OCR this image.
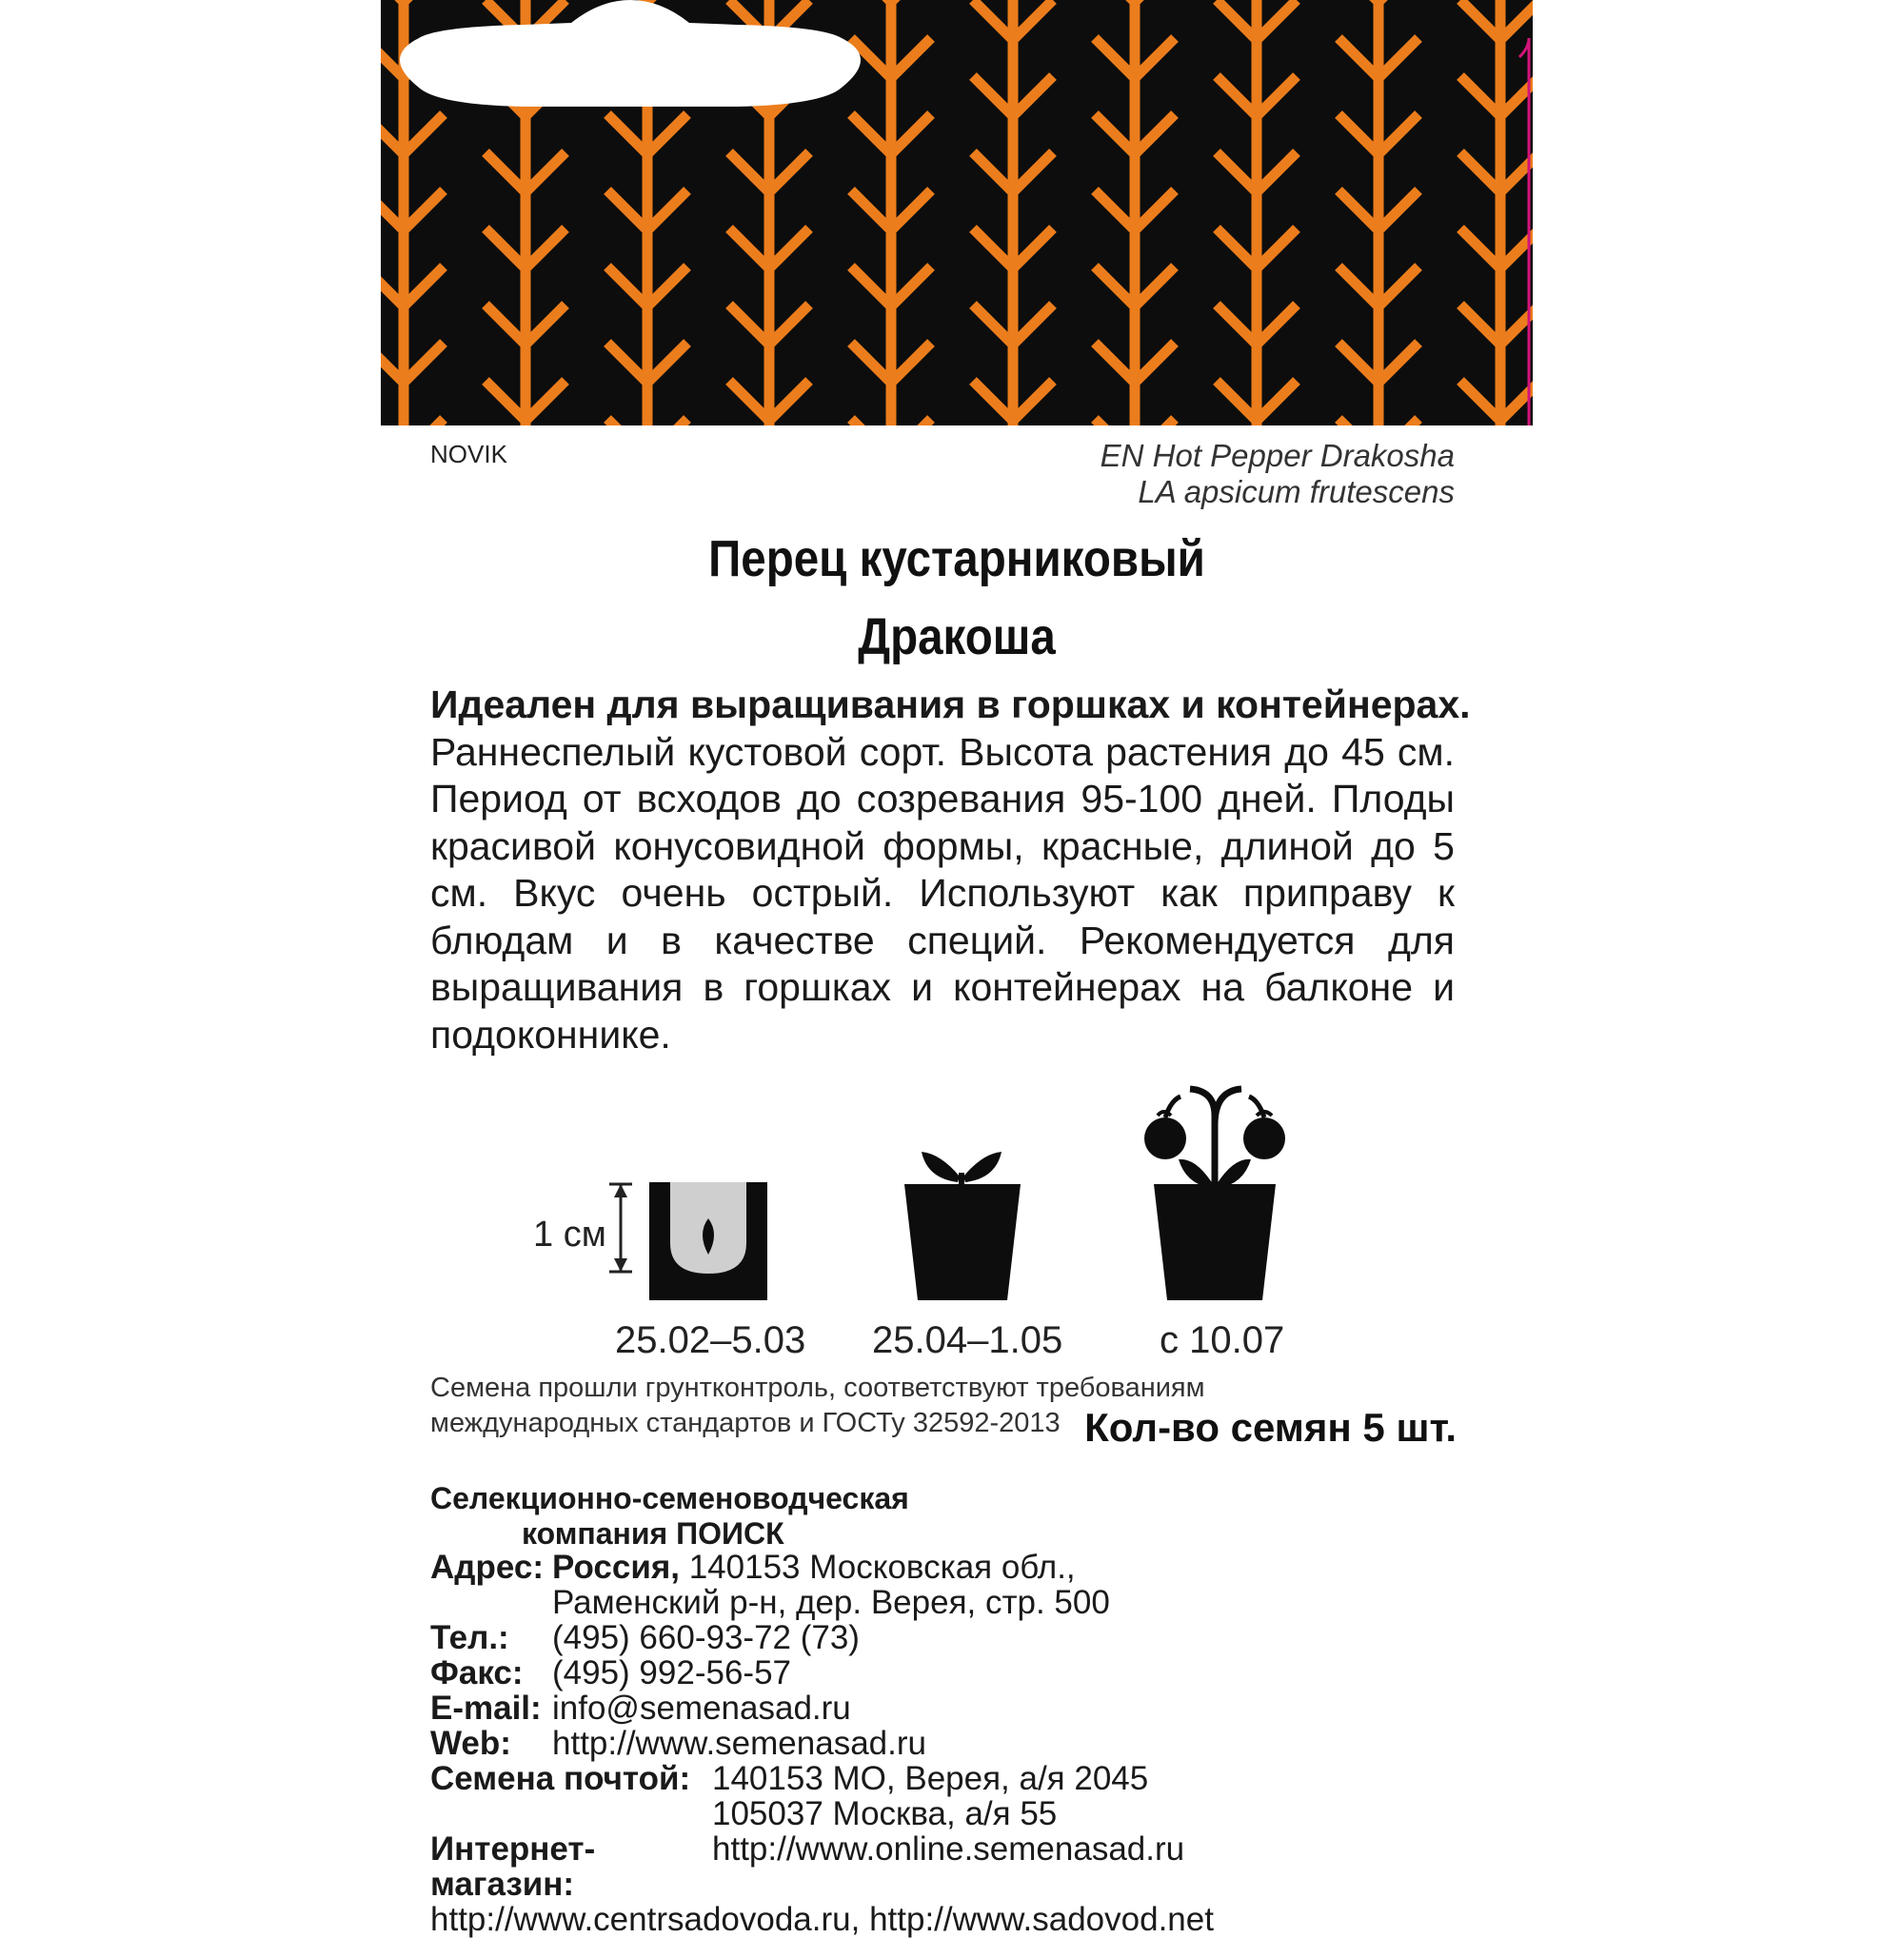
NOVIK	EN Hot Pepper Drakosha
LA apsicum frutescens
Перец кустарниковый
Дракоша
Идеален для выращивания в горшках и контейнерах.
Раннеспелый кустовой сорт. Высота растения до 45 см. Период от всходов до созревания 95-100 дней. Плоды красивой конусовидной формы, красные, длиной до 5 см. Вкус очень острый. Используют как приправу к блюдам и в качестве специй. Рекомендуется для выращивания в горшках и контейнерах на балконе и подоконнике.
1 см
25.02–5.03 25.04–1.05	с 10.07
Семена прошли грунтконтроль, соответствуют требованиям международных стандартов и ГОСТу 32592-2013 Кол-во семян 5 шт.
Селекционно-семеноводческая
компания ПОИСК
Адрес: Россия, 140153 Московская обл.,
Раменский р-н, дер. Верея, стр. 500
Тел.:	(495) 660-93-72 (73)
Факс: (495) 992-56-57
E-mail: info@semenasad.ru
Web:	http://www.semenasad.ru
Семена почтой: 140153 МО, Верея, а/я 2045
105037 Москва, а/я 55
Интернет-магазин:
http://www.online.semenasad.ru
http://www.centrsadovoda.ru, http://www.sadovod.net
